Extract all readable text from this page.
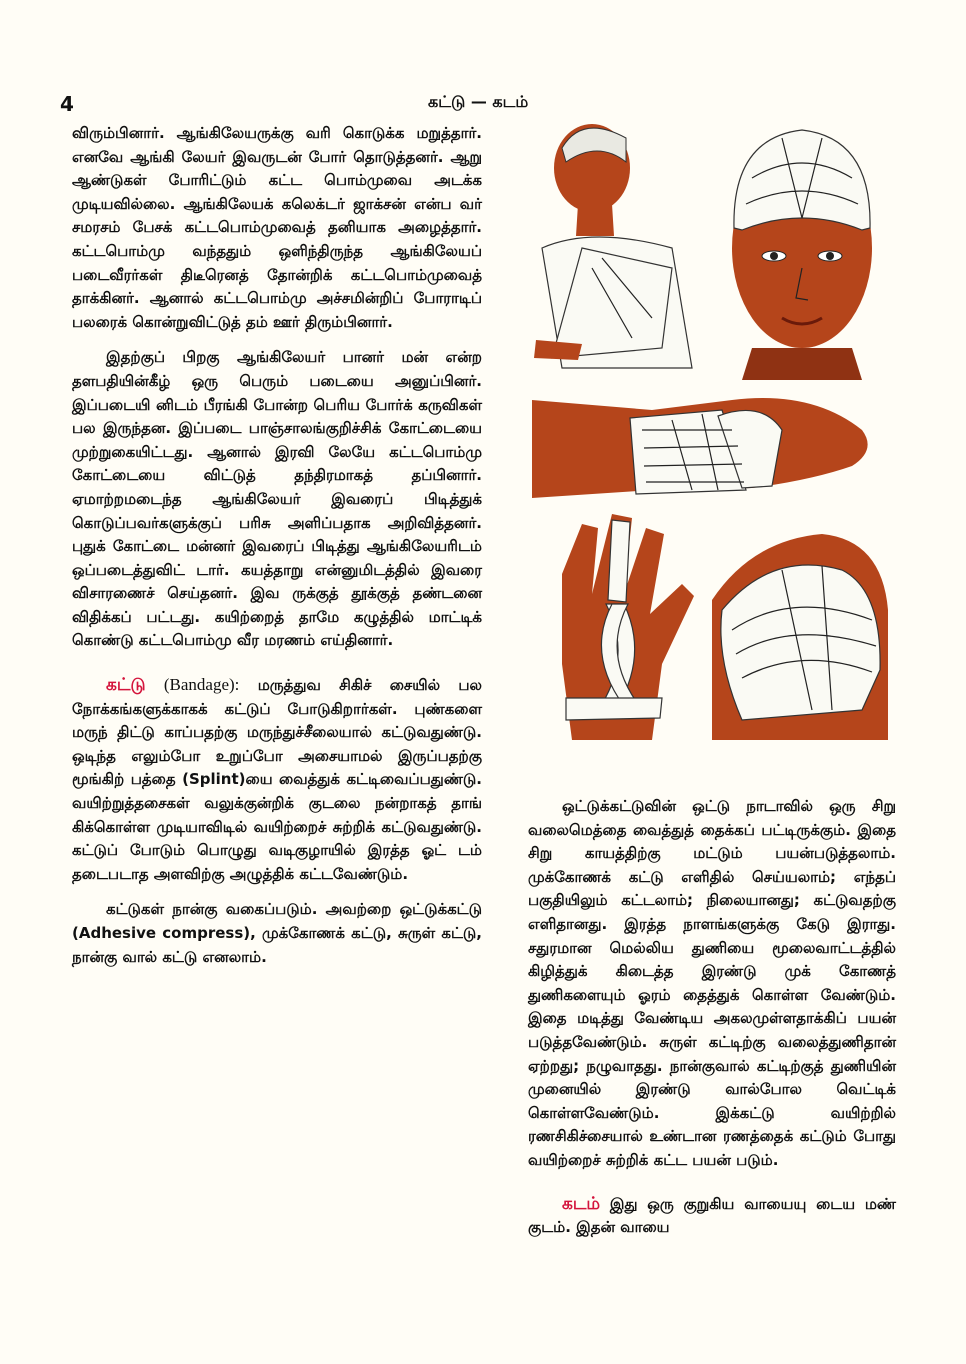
4	கட்டு — கடம்

விரும்பினார். ஆங்கிலேயருக்கு வரி கொடுக்க மறுத்தார். எனவே ஆங்கி லேயர் இவருடன் போர் தொடுத்தனர். ஆறு ஆண்டுகள் போரிட்டும் கட்ட பொம்முவை அடக்க முடியவில்லை. ஆங்கிலேயக் கலெக்டர் ஜாக்சன் என்ப வர் சமரசம் பேசக் கட்டபொம்முவைத் தனியாக அழைத்தார். கட்டபொம்மு வந்ததும் ஒளிந்திருந்த ஆங்கிலேயப் படைவீரர்கள் திடீரெனத் தோன்றிக் கட்டபொம்முவைத் தாக்கினர். ஆனால் கட்டபொம்மு அச்சமின்றிப் போராடிப் பலரைக் கொன்றுவிட்டுத் தம் ஊர் திரும்பினார்.

இதற்குப் பிறகு ஆங்கிலேயர் பானர் மன் என்ற தளபதியின்கீழ் ஒரு பெரும் படையை அனுப்பினர். இப்படையி னிடம் பீரங்கி போன்ற பெரிய போர்க் கருவிகள் பல இருந்தன. இப்படை பாஞ்சாலங்குறிச்சிக் கோட்டையை முற்றுகையிட்டது. ஆனால் இரவி லேயே கட்டபொம்மு கோட்டையை விட்டுத் தந்திரமாகத் தப்பினார். ஏமாற்றமடைந்த ஆங்கிலேயர் இவரைப் பிடித்துக் கொடுப்பவர்களுக்குப் பரிசு அளிப்பதாக அறிவித்தனர். புதுக் கோட்டை மன்னர் இவரைப் பிடித்து ஆங்கிலேயரிடம் ஒப்படைத்துவிட் டார். கயத்தாறு என்னுமிடத்தில் இவரை விசாரணைச் செய்தனர். இவ ருக்குத் தூக்குத் தண்டனை விதிக்கப் பட்டது. கயிற்றைத் தாமே கழுத்தில் மாட்டிக் கொண்டு கட்டபொம்மு வீர மரணம் எய்தினார்.

கட்டு (Bandage): மருத்துவ சிகிச் சையில் பல நோக்கங்களுக்காகக் கட்டுப் போடுகிறார்கள். புண்களை மருந் திட்டு காப்பதற்கு மருந்துச்சீலையால் கட்டுவதுண்டு. ஒடிந்த எலும்போ உறுப்போ அசையாமல் இருப்பதற்கு மூங்கிற் பத்தை (Splint)யை வைத்துக் கட்டிவைப்பதுண்டு. வயிற்றுத்தசைகள் வலுக்குன்றிக் குடலை நன்றாகத் தாங் கிக்கொள்ள முடியாவிடில் வயிற்றைச் சுற்றிக் கட்டுவதுண்டு. கட்டுப் போடும் பொழுது வடிகுழாயில் இரத்த ஓட் டம் தடைபடாத அளவிற்கு அழுத்திக் கட்டவேண்டும்.

கட்டுகள் நான்கு வகைப்படும். அவற்றை ஒட்டுக்கட்டு (Adhesive compress), முக்கோணக் கட்டு, சுருள் கட்டு, நான்கு வால் கட்டு எனலாம்.

ஒட்டுக்கட்டுவின் ஒட்டு நாடாவில் ஒரு சிறு வலைமெத்தை வைத்துத் தைக்கப் பட்டிருக்கும். இதை சிறு காயத்திற்கு மட்டும் பயன்படுத்தலாம். முக்கோணக் கட்டு எளிதில் செய்யலாம்; எந்தப் பகுதியிலும் கட்டலாம்; நிலையானது; கட்டுவதற்கு எளிதானது. இரத்த நாளங்களுக்கு கேடு இராது. சதுரமான மெல்லிய துணியை மூலைவாட்டத்தில் கிழித்துக் கிடைத்த இரண்டு முக் கோணத் துணிகளையும் ஓரம் தைத்துக் கொள்ள வேண்டும். இதை மடித்து வேண்டிய அகலமுள்ளதாக்கிப் பயன் படுத்தவேண்டும். சுருள் கட்டிற்கு வலைத்துணிதான் ஏற்றது; நழுவாதது. நான்குவால் கட்டிற்குத் துணியின் முனையில் இரண்டு வால்போல வெட்டிக் கொள்ளவேண்டும். இக்கட்டு வயிற்றில் ரணசிகிச்சையால் உண்டான ரணத்தைக் கட்டும் போது வயிற்றைச் சுற்றிக் கட்ட பயன் படும்.

கடம் இது ஒரு குறுகிய வாயையு டைய மண் குடம். இதன் வாயை
